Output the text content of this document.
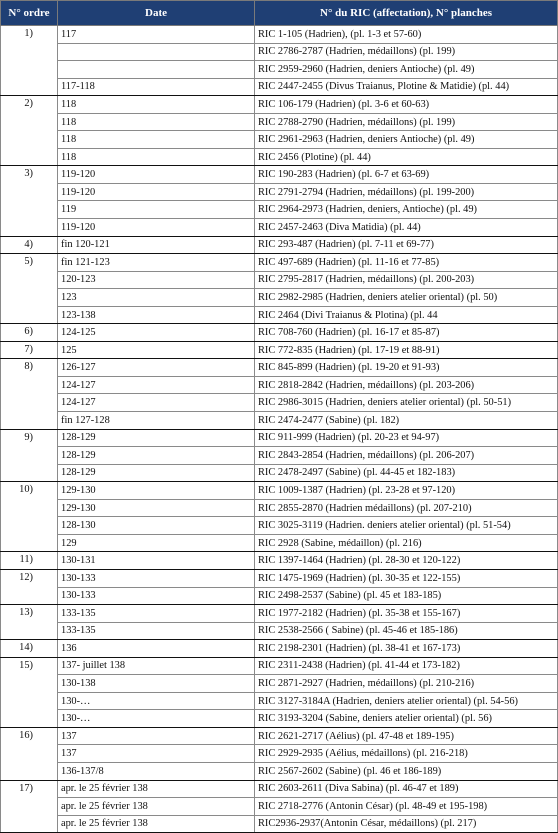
N° ordre	Date	N° du RIC (affectation), N° planches
1)	117	RIC 1-105 (Hadrien), (pl. 1-3 et 57-60)
		RIC 2786-2787 (Hadrien, médaillons) (pl. 199)
		RIC 2959-2960 (Hadrien, deniers Antioche) (pl. 49)
	117-118	RIC 2447-2455 (Divus Traianus, Plotine & Matidie) (pl. 44)
2)	118	RIC 106-179 (Hadrien) (pl. 3-6 et 60-63)
	118	RIC 2788-2790 (Hadrien, médaillons) (pl. 199)
	118	RIC 2961-2963 (Hadrien, deniers Antioche) (pl. 49)
	118	RIC 2456 (Plotine) (pl. 44)
3)	119-120	RIC 190-283 (Hadrien) (pl. 6-7 et 63-69)
	119-120	RIC 2791-2794 (Hadrien, médaillons) (pl. 199-200)
	119	RIC 2964-2973 (Hadrien, deniers, Antioche) (pl. 49)
	119-120	RIC 2457-2463 (Diva Matidia) (pl. 44)
4)	fin 120-121	RIC 293-487 (Hadrien) (pl. 7-11 et 69-77)
5)	fin 121-123	RIC 497-689 (Hadrien) (pl. 11-16 et 77-85)
	120-123	RIC 2795-2817 (Hadrien, médaillons) (pl. 200-203)
	123	RIC 2982-2985 (Hadrien, deniers atelier oriental) (pl. 50)
	123-138	RIC 2464 (Divi Traianus & Plotina) (pl. 44
6)	124-125	RIC 708-760 (Hadrien) (pl. 16-17 et 85-87)
7)	125	RIC 772-835 (Hadrien) (pl. 17-19 et 88-91)
8)	126-127	RIC 845-899 (Hadrien) (pl. 19-20 et 91-93)
	124-127	RIC 2818-2842 (Hadrien, médaillons) (pl. 203-206)
	124-127	RIC 2986-3015 (Hadrien, deniers atelier oriental) (pl. 50-51)
	fin 127-128	RIC 2474-2477 (Sabine) (pl. 182)
9)	128-129	RIC 911-999 (Hadrien) (pl. 20-23 et 94-97)
	128-129	RIC 2843-2854 (Hadrien, médaillons) (pl. 206-207)
	128-129	RIC 2478-2497 (Sabine) (pl. 44-45 et 182-183)
10)	129-130	RIC 1009-1387 (Hadrien) (pl. 23-28 et 97-120)
	129-130	RIC 2855-2870 (Hadrien médaillons) (pl. 207-210)
	128-130	RIC 3025-3119 (Hadrien. deniers atelier oriental) (pl. 51-54)
	129	RIC 2928 (Sabine, médaillon) (pl. 216)
11)	130-131	RIC 1397-1464 (Hadrien) (pl. 28-30 et 120-122)
12)	130-133	RIC 1475-1969 (Hadrien) (pl. 30-35 et 122-155)
	130-133	RIC 2498-2537 (Sabine) (pl. 45 et 183-185)
13)	133-135	RIC 1977-2182 (Hadrien) (pl. 35-38 et 155-167)
	133-135	RIC 2538-2566 ( Sabine) (pl. 45-46 et 185-186)
14)	136	RIC 2198-2301 (Hadrien) (pl. 38-41 et 167-173)
15)	137- juillet 138	RIC 2311-2438 (Hadrien) (pl. 41-44 et 173-182)
	130-138	RIC 2871-2927 (Hadrien, médaillons) (pl. 210-216)
	130-…	RIC 3127-3184A (Hadrien, deniers atelier oriental) (pl. 54-56)
	130-…	RIC 3193-3204 (Sabine, deniers atelier oriental) (pl. 56)
16)	137	RIC 2621-2717 (Aélius) (pl. 47-48 et 189-195)
	137	RIC 2929-2935 (Aélius, médaillons) (pl. 216-218)
	136-137/8	RIC 2567-2602 (Sabine) (pl. 46 et 186-189)
17)	apr. le 25 février 138	RIC 2603-2611 (Diva Sabina) (pl. 46-47 et 189)
	apr. le 25 février 138	RIC 2718-2776 (Antonin César) (pl. 48-49 et 195-198)
	apr. le 25 février 138	RIC2936-2937(Antonin César, médaillons) (pl. 217)
